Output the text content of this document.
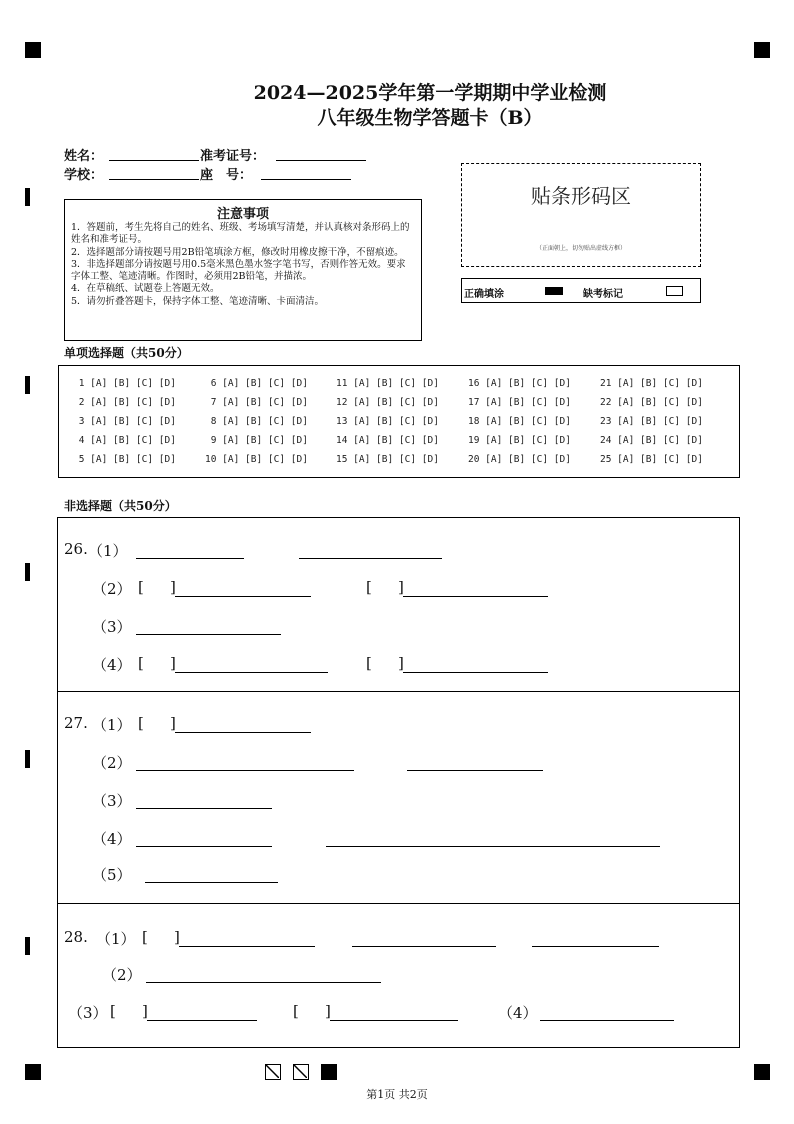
2024—2025学年第一学期期中学业检测
八年级生物学答题卡（B）
姓名：	准考证号：
学校：	座　号：
注意事项

1．答题前，考生先将自己的姓名、班级、考场填写清楚，并认真核对条形码上的姓名和准考证号。

2．选择题部分请按题号用2B铅笔填涂方框，修改时用橡皮擦干净，不留痕迹。

3．非选择题部分请按题号用0.5毫米黑色墨水签字笔书写，否则作答无效。要求字体工整、笔迹清晰。作图时，必须用2B铅笔，并描浓。

4．在草稿纸、试题卷上答题无效。

5．请勿折叠答题卡，保持字体工整、笔迹清晰、卡面清洁。

贴条形码区
（正面朝上，切勿贴出虚线方框）
正确填涂	缺考标记
单项选择题（共50分）
1 [A] [B] [C] [D]	6 [A] [B] [C] [D]	11 [A] [B] [C] [D]	16 [A] [B] [C] [D]	21 [A] [B] [C] [D]
2 [A] [B] [C] [D]	7 [A] [B] [C] [D]	12 [A] [B] [C] [D]	17 [A] [B] [C] [D]	22 [A] [B] [C] [D]
3 [A] [B] [C] [D]	8 [A] [B] [C] [D]	13 [A] [B] [C] [D]	18 [A] [B] [C] [D]	23 [A] [B] [C] [D]
4 [A] [B] [C] [D]	9 [A] [B] [C] [D]	14 [A] [B] [C] [D]	19 [A] [B] [C] [D]	24 [A] [B] [C] [D]
5 [A] [B] [C] [D]	10 [A] [B] [C] [D]	15 [A] [B] [C] [D]	20 [A] [B] [C] [D]	25 [A] [B] [C] [D]
非选择题（共50分）
26. （1）
（2） [ ]	[ ]
（3）
（4） [ ]	[ ]
27. （1） [ ]
（2）
（3）
（4）
（5）
28. （1） [ ]
（2）
（3） [ ]	[ ]	（4）
第1页 共2页
